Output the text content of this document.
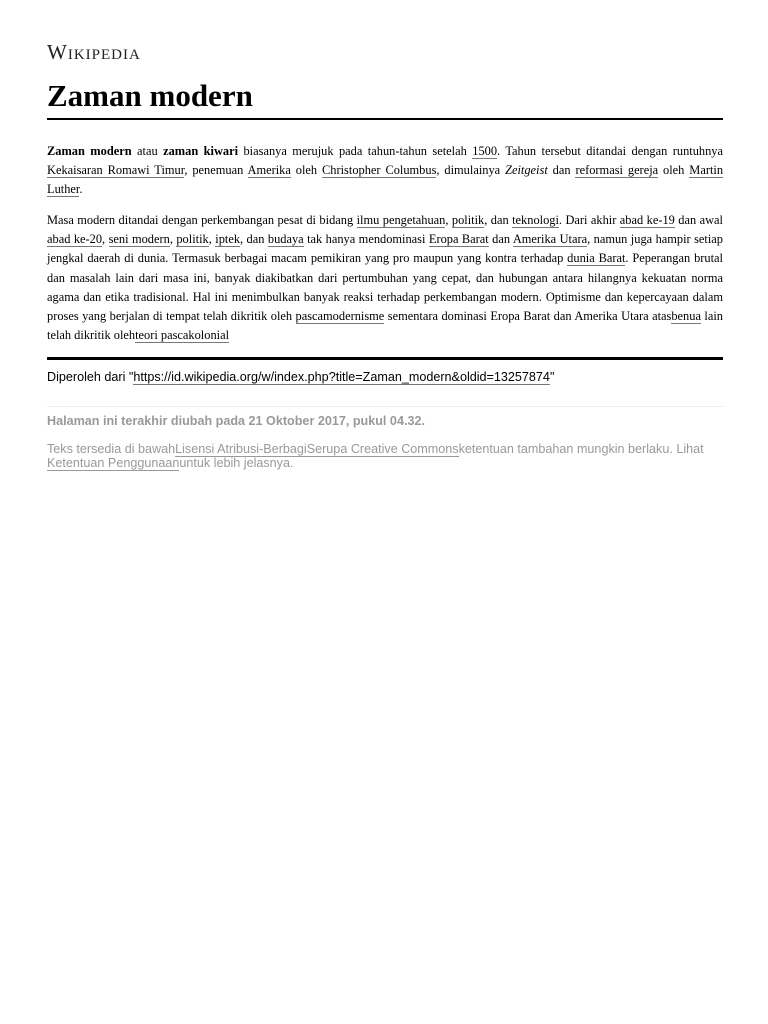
Wikipedia
Zaman modern

Zaman modern atau zaman kiwari biasanya merujuk pada tahun-tahun setelah 1500. Tahun tersebut ditandai dengan runtuhnya Kekaisaran Romawi Timur, penemuan Amerika oleh Christopher Columbus, dimulainya Zeitgeist dan reformasi gereja oleh Martin Luther.

Masa modern ditandai dengan perkembangan pesat di bidang ilmu pengetahuan, politik, dan teknologi. Dari akhir abad ke-19 dan awal abad ke-20, seni modern, politik, iptek, dan budaya tak hanya mendominasi Eropa Barat dan Amerika Utara, namun juga hampir setiap jengkal daerah di dunia. Termasuk berbagai macam pemikiran yang pro maupun yang kontra terhadap dunia Barat. Peperangan brutal dan masalah lain dari masa ini, banyak diakibatkan dari pertumbuhan yang cepat, dan hubungan antara hilangnya kekuatan norma agama dan etika tradisional. Hal ini menimbulkan banyak reaksi terhadap perkembangan modern. Optimisme dan kepercayaan dalam proses yang berjalan di tempat telah dikritik oleh pascamodernisme sementara dominasi Eropa Barat dan Amerika Utara atasbenua lain telah dikritik olehteori pascakolonial

Diperoleh dari "https://id.wikipedia.org/w/index.php?title=Zaman_modern&oldid=13257874"
Halaman ini terakhir diubah pada 21 Oktober 2017, pukul 04.32.
Teks tersedia di bawahLisensi Atribusi-BerbagiSerupa Creative Commonsketentuan tambahan mungkin berlaku. Lihat Ketentuan Penggunaanuntuk lebih jelasnya.
